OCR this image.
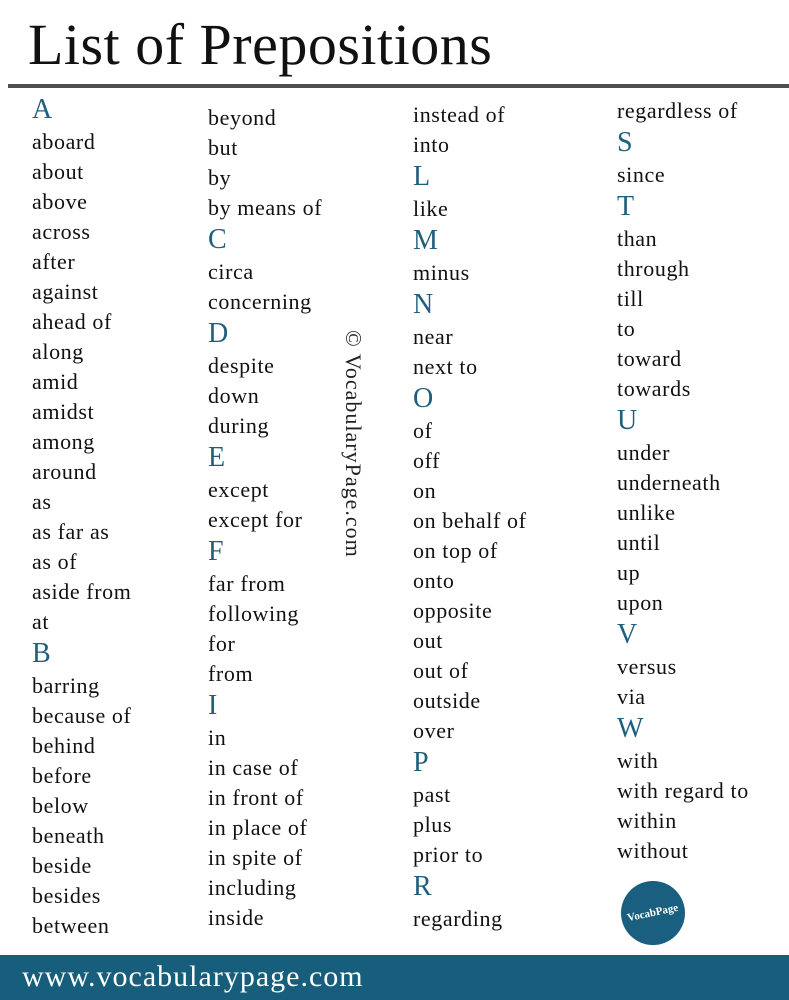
List of Prepositions
A
aboard
about
above
across
after
against
ahead of
along
amid
amidst
among
around
as
as far as
as of
aside from
at
B
barring
because of
behind
before
below
beneath
beside
besides
between
beyond
but
by
by means of
C
circa
concerning
D
despite
down
during
E
except
except for
F
far from
following
for
from
I
in
in case of
in front of
in place of
in spite of
including
inside
instead of
into
L
like
M
minus
N
near
next to
O
of
off
on
on behalf of
on top of
onto
opposite
out
out of
outside
over
P
past
plus
prior to
R
regarding
regardless of
S
since
T
than
through
till
to
toward
towards
U
under
underneath
unlike
until
up
upon
V
versus
via
W
with
with regard to
within
without
© VocabularyPage.com
VocabPage
www.vocabularypage.com
